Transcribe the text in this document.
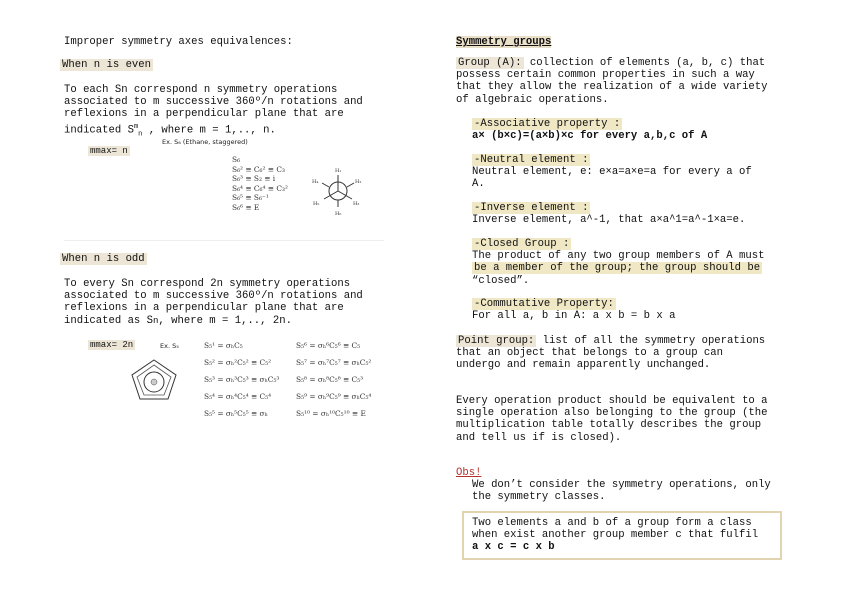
Improper symmetry axes equivalences:
When n is even
To each Sn correspond n symmetry operations
associated to m successive 360º/n rotations and
reflexions in a perpendicular plane that are
indicated $S^m_n$ , where m = 1,.., n.
mmax= n
Ex. S₆ (Ethane, staggered)
S₆
S₆² ≡ C₆² ≡ C₃
S₆³ ≡ S₂ ≡ i
S₆⁴ ≡ C₆⁴ ≡ C₃²
S₆⁵ ≡ S₆⁻¹
S₆⁶ ≡ E
H₁
H₂
H₃
H₄
H₅
H₆
When n is odd
To every Sn correspond 2n symmetry operations
associated to m successive 360º/n rotations and
reflexions in a perpendicular plane that are
indicated as Sn, where m = 1,.., 2n.
mmax= 2n	Ex. S₅	S₅¹ = σₕC₅
S₅² = σₕ²C₅² ≡ C₅²
S₅³ = σₕ³C₅³ ≡ σₕC₅³
S₅⁴ = σₕ⁴C₅⁴ ≡ C₅⁴
S₅⁵ = σₕ⁵C₅⁵ ≡ σₕ
S₅⁶ = σₕ⁶C₅⁶ ≡ C₅
S₅⁷ = σₕ⁷C₅⁷ ≡ σₕC₅²
S₅⁸ = σₕ⁸C₅⁸ ≡ C₅³
S₅⁹ = σₕ⁹C₅⁹ ≡ σₕC₅⁴
S₅¹⁰ = σₕ¹⁰C₅¹⁰ ≡ E
Symmetry groups
Group (A): collection of elements (a, b, c) that
possess certain common properties in such a way
that they allow the realization of a wide variety
of algebraic operations.
-Associative property :
a× (b×c)=(a×b)×c for every a,b,c of A
-Neutral element :
Neutral element, e: e×a=a×e=a for every a of
A.
-Inverse element :
Inverse element, a^-1, that a×a^1=a^-1×a=e.
-Closed Group :
The product of any two group members of A must
be a member of the group; the group should be
“closed”.
-Commutative Property:
For all a, b in A: a x b = b x a
Point group: list of all the symmetry operations
that an object that belongs to a group can
undergo and remain apparently unchanged.
Every operation product should be equivalent to a
single operation also belonging to the group (the
multiplication table totally describes the group
and tell us if is closed).
Obs!
We don’t consider the symmetry operations, only
the symmetry classes.
Two elements a and b of a group form a class
when exist another group member c that fulfil
a x c = c x b
